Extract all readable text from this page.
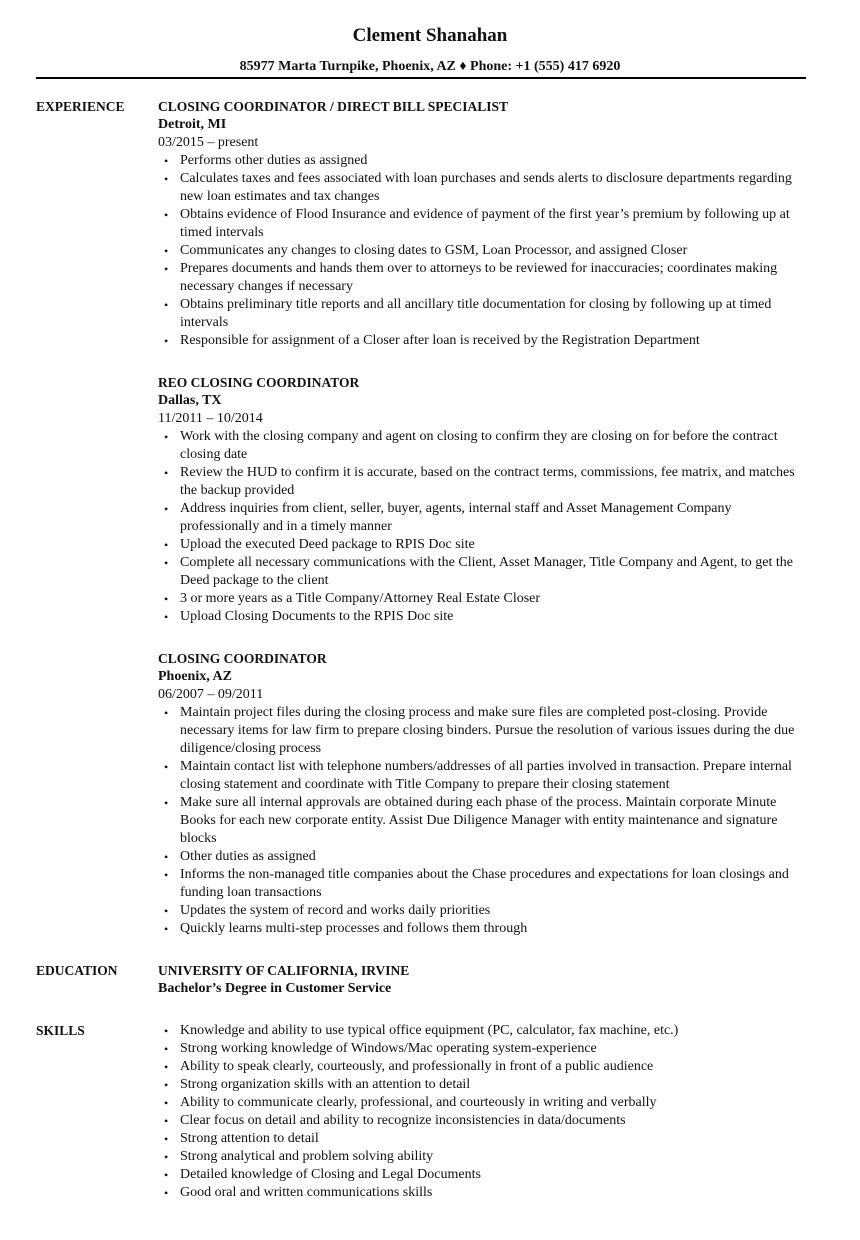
Clement Shanahan
85977 Marta Turnpike, Phoenix, AZ ♦ Phone: +1 (555) 417 6920
EXPERIENCE	CLOSING COORDINATOR / DIRECT BILL SPECIALIST
Detroit, MI
03/2015 – present
• Performs other duties as assigned
• Calculates taxes and fees associated with loan purchases and sends alerts to disclosure departments regarding new loan estimates and tax changes
• Obtains evidence of Flood Insurance and evidence of payment of the first year’s premium by following up at timed intervals
• Communicates any changes to closing dates to GSM, Loan Processor, and assigned Closer
• Prepares documents and hands them over to attorneys to be reviewed for inaccuracies; coordinates making necessary changes if necessary
• Obtains preliminary title reports and all ancillary title documentation for closing by following up at timed intervals
• Responsible for assignment of a Closer after loan is received by the Registration Department
REO CLOSING COORDINATOR
Dallas, TX
11/2011 – 10/2014
• Work with the closing company and agent on closing to confirm they are closing on for before the contract closing date
• Review the HUD to confirm it is accurate, based on the contract terms, commissions, fee matrix, and matches the backup provided
• Address inquiries from client, seller, buyer, agents, internal staff and Asset Management Company professionally and in a timely manner
• Upload the executed Deed package to RPIS Doc site
• Complete all necessary communications with the Client, Asset Manager, Title Company and Agent, to get the Deed package to the client
• 3 or more years as a Title Company/Attorney Real Estate Closer
• Upload Closing Documents to the RPIS Doc site
CLOSING COORDINATOR
Phoenix, AZ
06/2007 – 09/2011
• Maintain project files during the closing process and make sure files are completed post-closing. Provide necessary items for law firm to prepare closing binders. Pursue the resolution of various issues during the due diligence/closing process
• Maintain contact list with telephone numbers/addresses of all parties involved in transaction. Prepare internal closing statement and coordinate with Title Company to prepare their closing statement
• Make sure all internal approvals are obtained during each phase of the process. Maintain corporate Minute Books for each new corporate entity. Assist Due Diligence Manager with entity maintenance and signature blocks
• Other duties as assigned
• Informs the non-managed title companies about the Chase procedures and expectations for loan closings and funding loan transactions
• Updates the system of record and works daily priorities
• Quickly learns multi-step processes and follows them through
EDUCATION	UNIVERSITY OF CALIFORNIA, IRVINE
Bachelor’s Degree in Customer Service
SKILLS	• Knowledge and ability to use typical office equipment (PC, calculator, fax machine, etc.)
• Strong working knowledge of Windows/Mac operating system-experience
• Ability to speak clearly, courteously, and professionally in front of a public audience
• Strong organization skills with an attention to detail
• Ability to communicate clearly, professional, and courteously in writing and verbally
• Clear focus on detail and ability to recognize inconsistencies in data/documents
• Strong attention to detail
• Strong analytical and problem solving ability
• Detailed knowledge of Closing and Legal Documents
• Good oral and written communications skills
